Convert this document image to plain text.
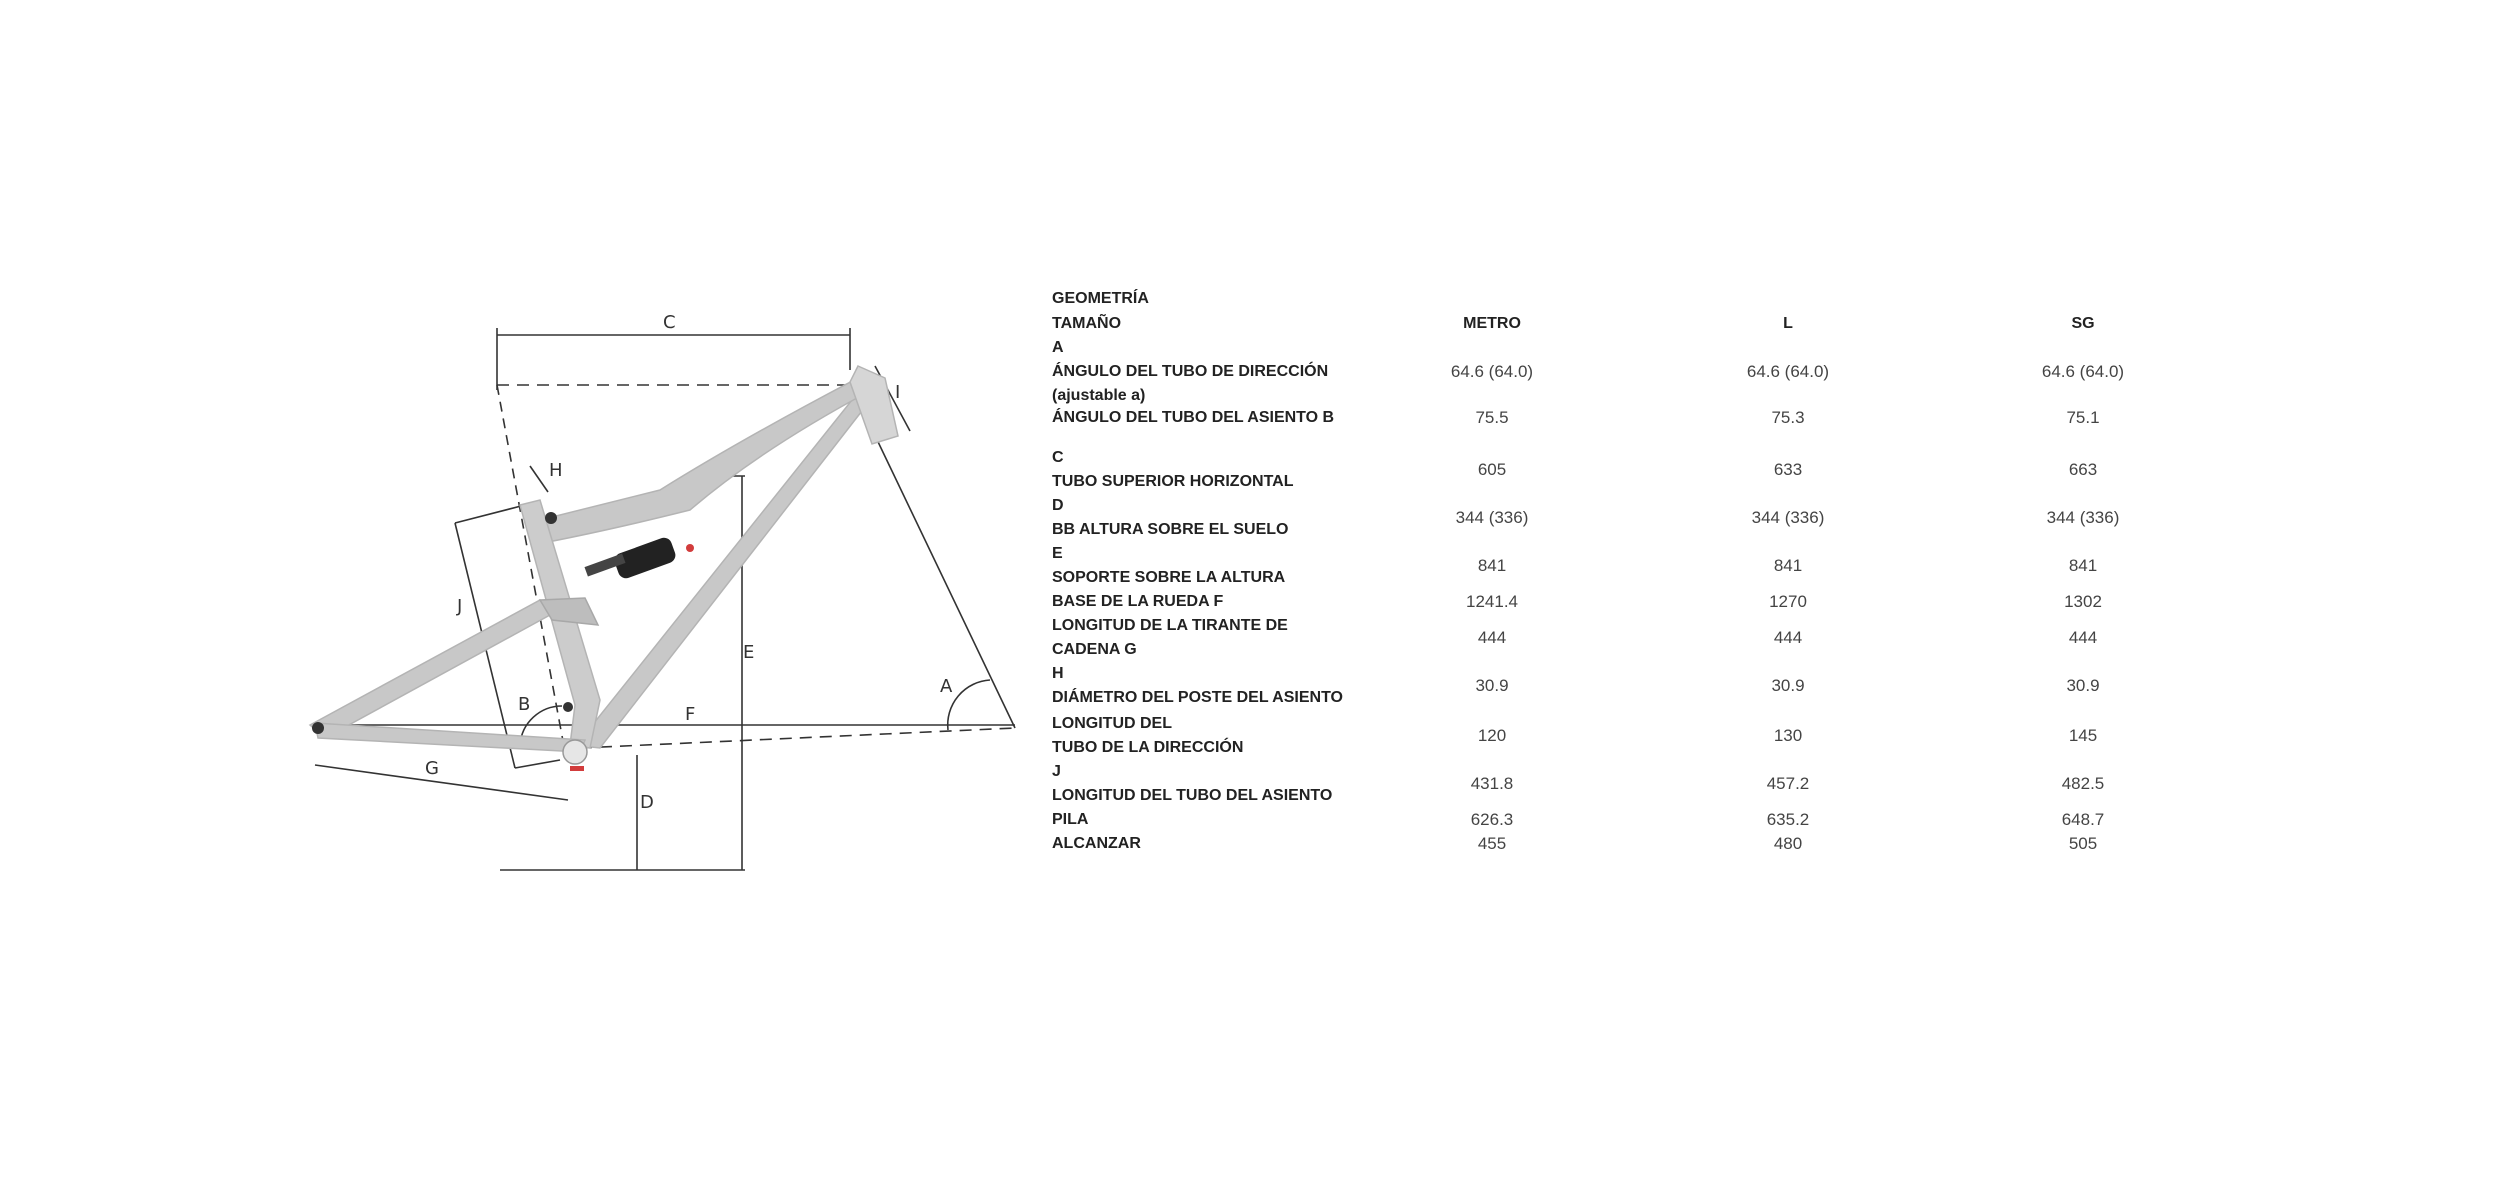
C
I
H
J
E
A
B	F
G
D
GEOMETRÍA
TAMAÑO	METRO	L	SG
A
ÁNGULO DEL TUBO DE DIRECCIÓN
(ajustable a)
64.6 (64.0)	64.6 (64.0)	64.6 (64.0)
ÁNGULO DEL TUBO DEL ASIENTO B	75.5	75.3	75.1
C
TUBO SUPERIOR HORIZONTAL
605	633	663
D
BB ALTURA SOBRE EL SUELO
344 (336)	344 (336)	344 (336)
E
SOPORTE SOBRE LA ALTURA
841	841	841
BASE DE LA RUEDA F	1241.4	1270	1302
LONGITUD DE LA TIRANTE DE
CADENA G
444	444	444
H
DIÁMETRO DEL POSTE DEL ASIENTO
30.9	30.9	30.9
LONGITUD DEL
TUBO DE LA DIRECCIÓN
120	130	145
J
LONGITUD DEL TUBO DEL ASIENTO
431.8	457.2	482.5
PILA	626.3	635.2	648.7
ALCANZAR	455	480	505
